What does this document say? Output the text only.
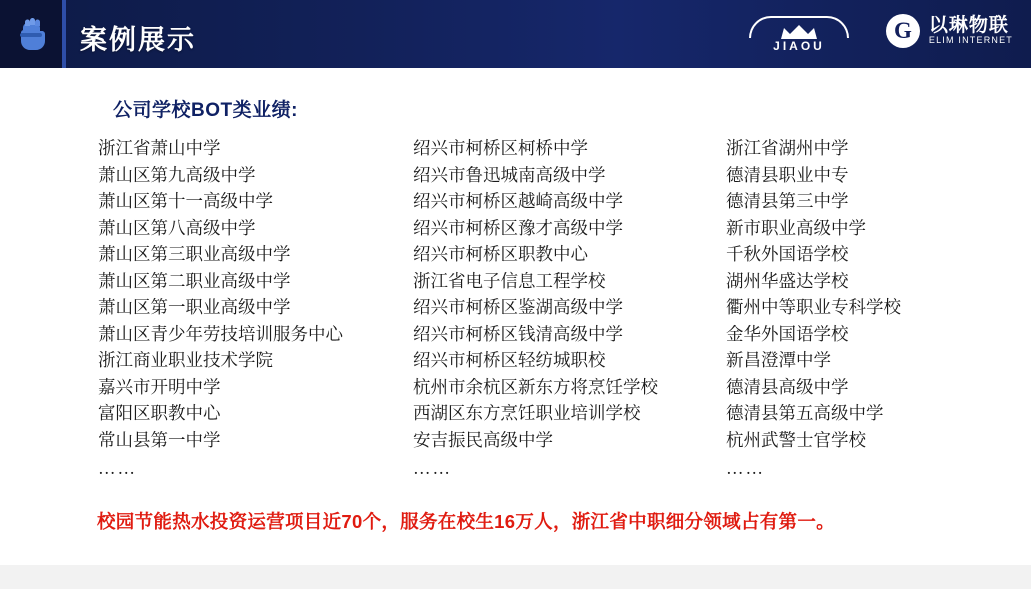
案例展示	JIAOU
G 以琳物联
ELIM INTERNET
公司学校BOT类业绩:
浙江省萧山中学
萧山区第九高级中学
萧山区第十一高级中学
萧山区第八高级中学
萧山区第三职业高级中学
萧山区第二职业高级中学
萧山区第一职业高级中学
萧山区青少年劳技培训服务中心
浙江商业职业技术学院
嘉兴市开明中学
富阳区职教中心
常山县第一中学
……
绍兴市柯桥区柯桥中学
绍兴市鲁迅城南高级中学
绍兴市柯桥区越崎高级中学
绍兴市柯桥区豫才高级中学
绍兴市柯桥区职教中心
浙江省电子信息工程学校
绍兴市柯桥区鉴湖高级中学
绍兴市柯桥区钱清高级中学
绍兴市柯桥区轻纺城职校
杭州市余杭区新东方将烹饪学校
西湖区东方烹饪职业培训学校
安吉振民高级中学
……
浙江省湖州中学
德清县职业中专
德清县第三中学
新市职业高级中学
千秋外国语学校
湖州华盛达学校
衢州中等职业专科学校
金华外国语学校
新昌澄潭中学
德清县高级中学
德清县第五高级中学
杭州武警士官学校
……
校园节能热水投资运营项目近70个，服务在校生16万人，浙江省中职细分领域占有第一。
